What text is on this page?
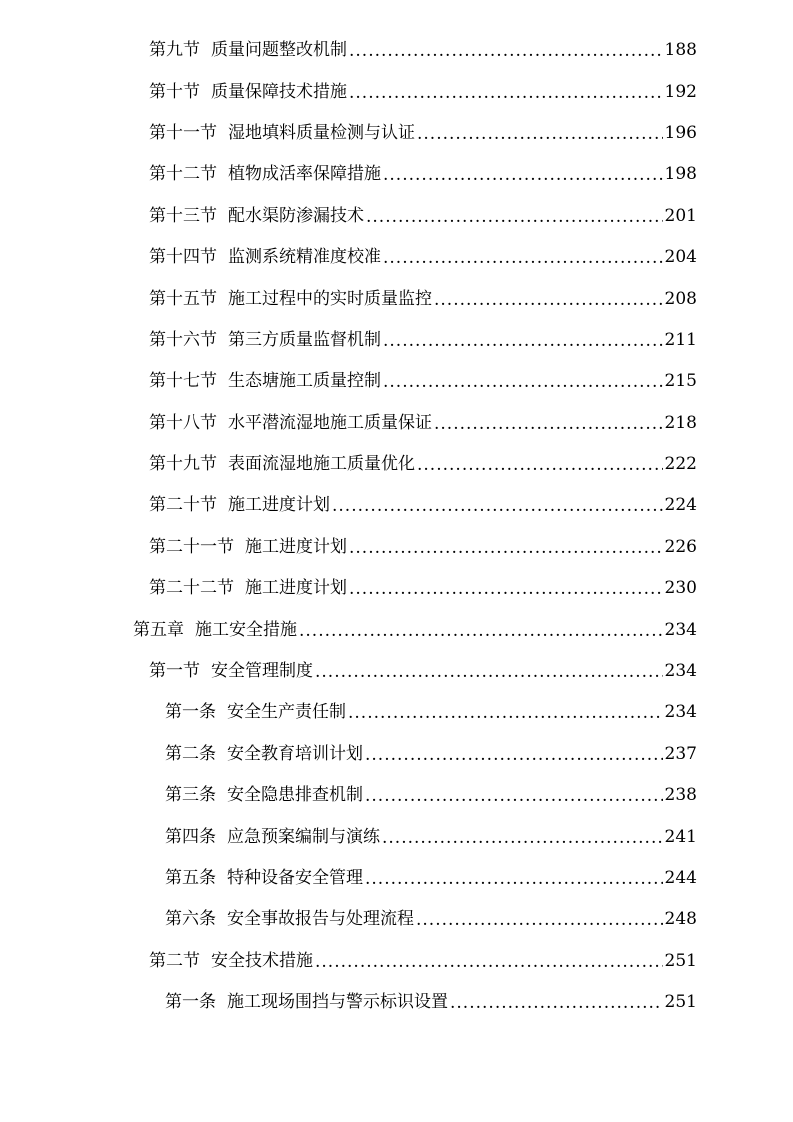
第九节 质量问题整改机制 .....	188
第十节 质量保障技术措施 .....	192
第十一节 湿地填料质量检测与认证 .....	196
第十二节 植物成活率保障措施 .....	198
第十三节 配水渠防渗漏技术 .....	201
第十四节 监测系统精准度校准 .....	204
第十五节 施工过程中的实时质量监控 .....	208
第十六节 第三方质量监督机制 .....	211
第十七节 生态塘施工质量控制 .....	215
第十八节 水平潜流湿地施工质量保证 .....	218
第十九节 表面流湿地施工质量优化 .....	222
第二十节 施工进度计划 .....	224
第二十一节 施工进度计划 .....	226
第二十二节 施工进度计划 .....	230
第五章 施工安全措施 .....	234
第一节 安全管理制度 .....	234
第一条 安全生产责任制 .....	234
第二条 安全教育培训计划 .....	237
第三条 安全隐患排查机制 .....	238
第四条 应急预案编制与演练 .....	241
第五条 特种设备安全管理 .....	244
第六条 安全事故报告与处理流程 .....	248
第二节 安全技术措施 .....	251
第一条 施工现场围挡与警示标识设置 .....	251
